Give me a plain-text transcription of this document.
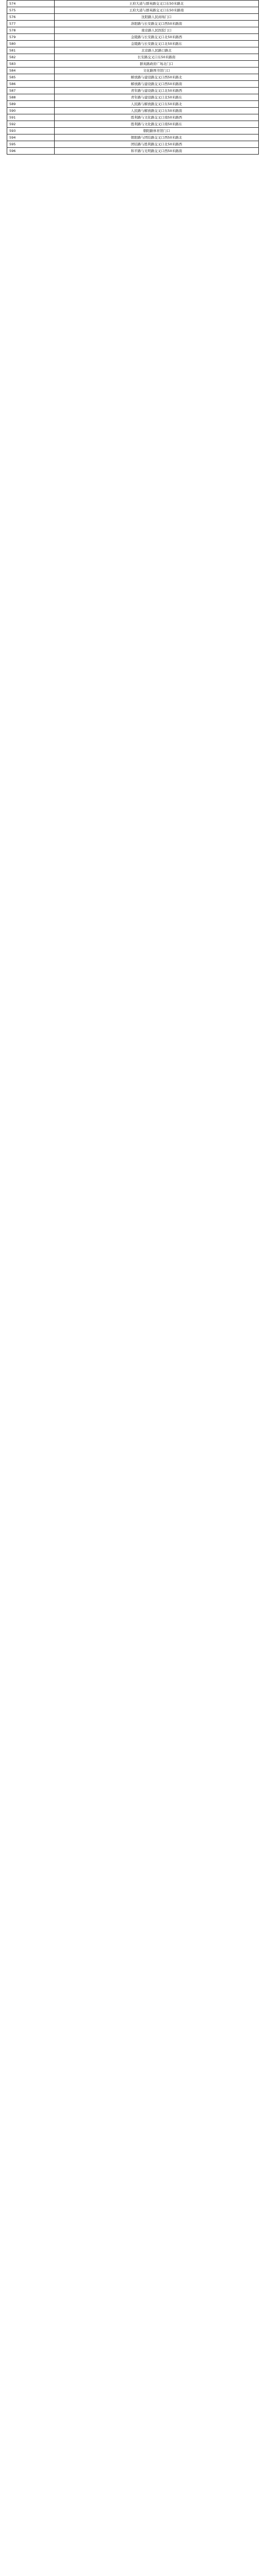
574	王府大道与群英路交叉口东50米路北
575	王府大道与群英路交叉口东50米路南
576	沈阳路人民商场门口
577	洛阳路与长安路交叉口西50米路南
578	南京路人民医院门口
579	金陵路与长安路交叉口北50米路西
580	金陵路与长安路交叉口北50米路东
581	北京路人民路口路北
582	长安路交叉口东50米路南
583	群英路政府广场北门口
584	文化路图书馆门口
585	解放路与建设路交叉口西50米路北
586	解放路与建设路交叉口西50米路南
587	青年路与建设路交叉口北50米路西
588	青年路与建设路交叉口北50米路东
589	人民路与解放路交叉口东50米路北
590	人民路与解放路交叉口东50米路南
591	胜利路与文化路交叉口南50米路西
592	胜利路与文化路交叉口南50米路东
593	朝阳路体育馆门口
594	朝阳路与团结路交叉口西50米路北
595	团结路与胜利路交叉口北50米路西
596	和平路与光明路交叉口西50米路南
